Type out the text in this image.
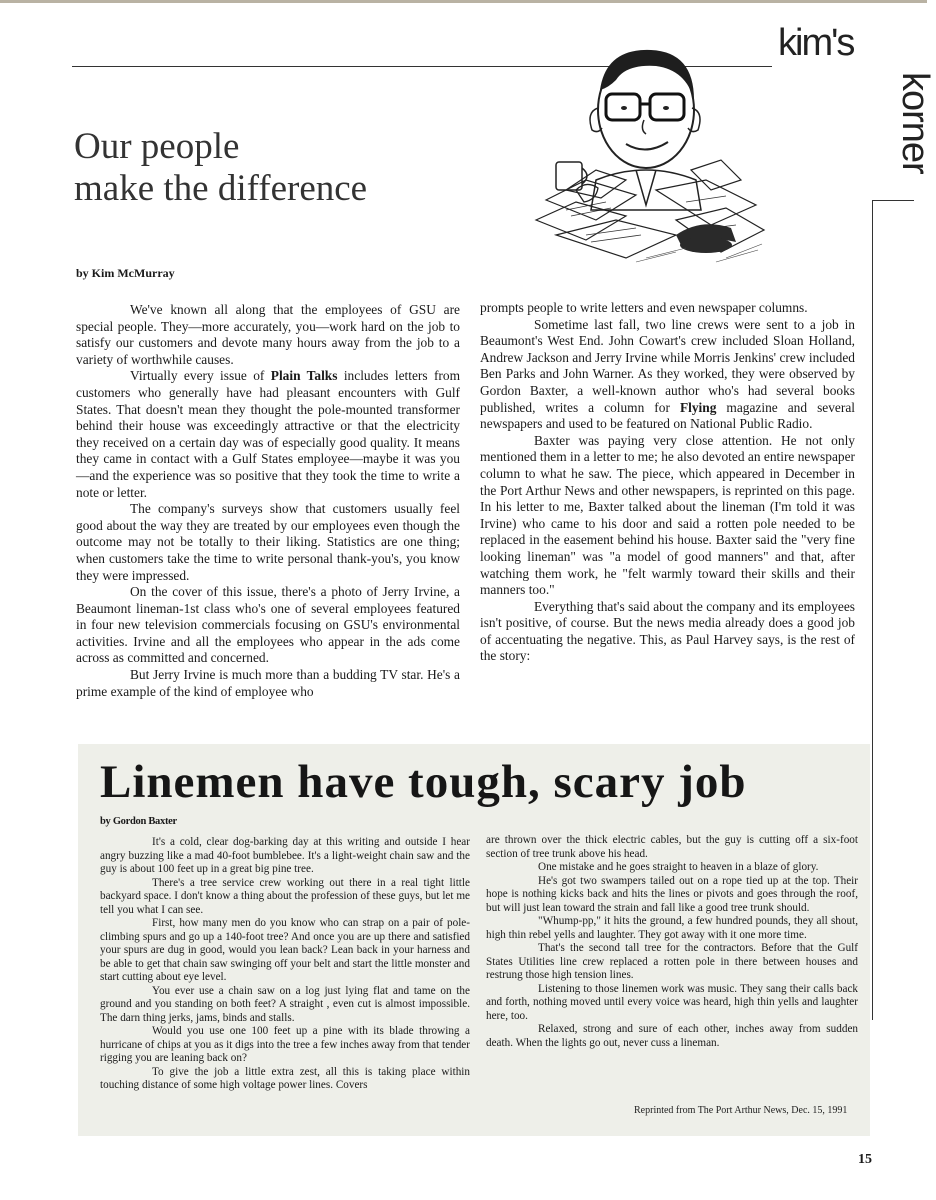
kim's
korner
Our people
make the difference
by Kim McMurray

We've known all along that the employees of GSU are special people. They—more accurately, you—work hard on the job to satisfy our customers and devote many hours away from the job to a variety of worthwhile causes.

Virtually every issue of Plain Talks includes letters from customers who generally have had pleasant encounters with Gulf States. That doesn't mean they thought the pole-mounted transformer behind their house was exceedingly attractive or that the electricity they received on a certain day was of especially good quality. It means they came in contact with a Gulf States employee—maybe it was you—and the experience was so positive that they took the time to write a note or letter.

The company's surveys show that customers usually feel good about the way they are treated by our employees even though the outcome may not be totally to their liking. Statistics are one thing; when customers take the time to write personal thank-you's, you know they were impressed.

On the cover of this issue, there's a photo of Jerry Irvine, a Beaumont lineman-1st class who's one of several employees featured in four new television commercials focusing on GSU's environmental activities. Irvine and all the employees who appear in the ads come across as committed and concerned.

But Jerry Irvine is much more than a budding TV star. He's a prime example of the kind of employee who

prompts people to write letters and even newspaper columns.

Sometime last fall, two line crews were sent to a job in Beaumont's West End. John Cowart's crew included Sloan Holland, Andrew Jackson and Jerry Irvine while Morris Jenkins' crew included Ben Parks and John Warner. As they worked, they were observed by Gordon Baxter, a well-known author who's had several books published, writes a column for Flying magazine and several newspapers and used to be featured on National Public Radio.

Baxter was paying very close attention. He not only mentioned them in a letter to me; he also devoted an entire newspaper column to what he saw. The piece, which appeared in December in the Port Arthur News and other newspapers, is reprinted on this page. In his letter to me, Baxter talked about the lineman (I'm told it was Irvine) who came to his door and said a rotten pole needed to be replaced in the easement behind his house. Baxter said the "very fine looking lineman" was "a model of good manners" and that, after watching them work, he "felt warmly toward their skills and their manners too."

Everything that's said about the company and its employees isn't positive, of course. But the news media already does a good job of accentuating the negative. This, as Paul Harvey says, is the rest of the story:

Linemen have tough, scary job
by Gordon Baxter

It's a cold, clear dog-barking day at this writing and outside I hear angry buzzing like a mad 40-foot bumblebee. It's a light-weight chain saw and the guy is about 100 feet up in a great big pine tree.

There's a tree service crew working out there in a real tight little backyard space. I don't know a thing about the profession of these guys, but let me tell you what I can see.

First, how many men do you know who can strap on a pair of pole-climbing spurs and go up a 140-foot tree? And once you are up there and satisfied your spurs are dug in good, would you lean back? Lean back in your harness and be able to get that chain saw swinging off your belt and start the little monster and start cutting about eye level.

You ever use a chain saw on a log just lying flat and tame on the ground and you standing on both feet? A straight , even cut is almost impossible. The darn thing jerks, jams, binds and stalls.

Would you use one 100 feet up a pine with its blade throwing a hurricane of chips at you as it digs into the tree a few inches away from that tender rigging you are leaning back on?

To give the job a little extra zest, all this is taking place within touching distance of some high voltage power lines. Covers

are thrown over the thick electric cables, but the guy is cutting off a six-foot section of tree trunk above his head.

One mistake and he goes straight to heaven in a blaze of glory.

He's got two swampers tailed out on a rope tied up at the top. Their hope is nothing kicks back and hits the lines or pivots and goes through the roof, but will just lean toward the strain and fall like a good tree trunk should.

"Whump-pp," it hits the ground, a few hundred pounds, they all shout, high thin rebel yells and laughter. They got away with it one more time.

That's the second tall tree for the contractors. Before that the Gulf States Utilities line crew replaced a rotten pole in there between houses and restrung those high tension lines.

Listening to those linemen work was music. They sang their calls back and forth, nothing moved until every voice was heard, high thin yells and laughter here, too.

Relaxed, strong and sure of each other, inches away from sudden death. When the lights go out, never cuss a lineman.

Reprinted from The Port Arthur News, Dec. 15, 1991
15
